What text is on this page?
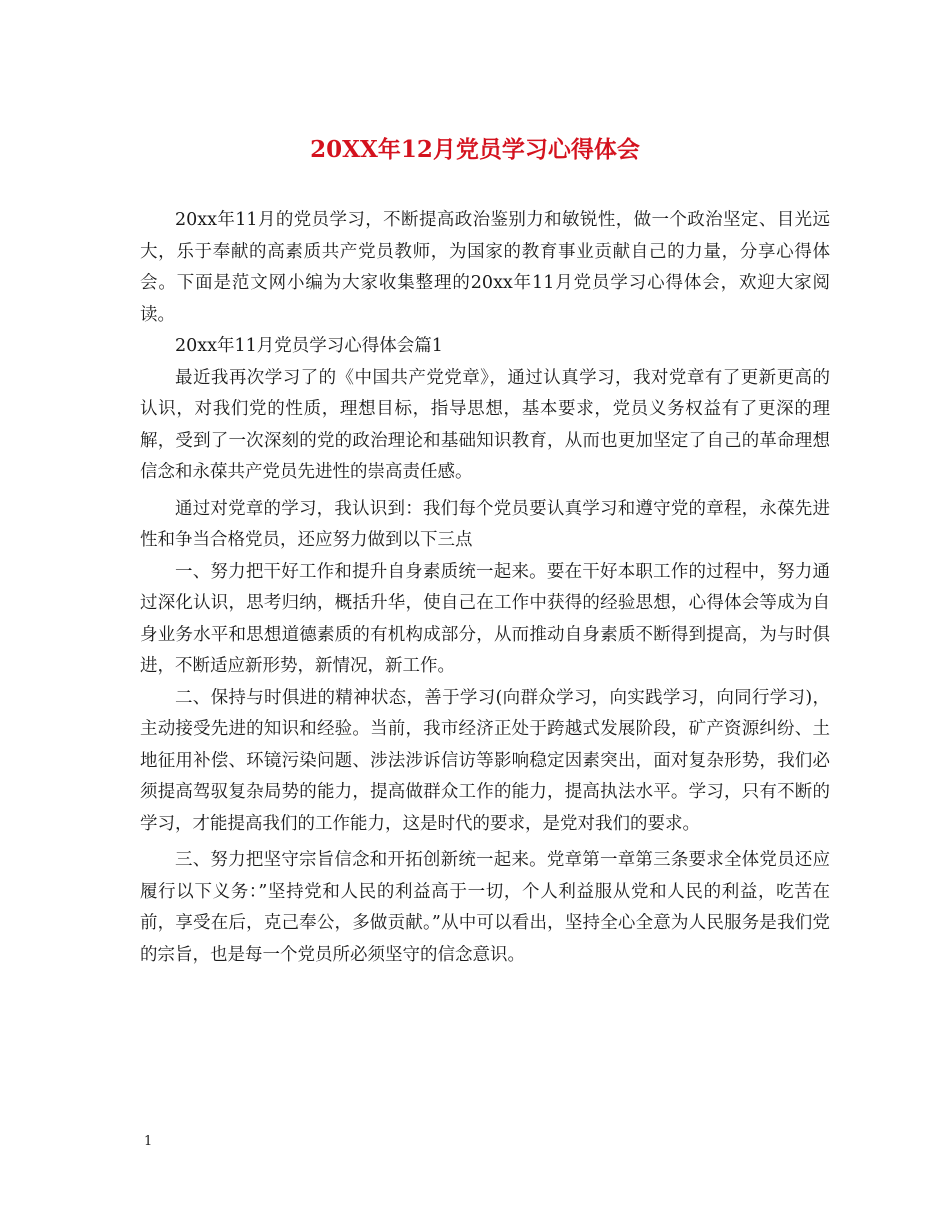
20XX年12月党员学习心得体会

20xx年11月的党员学习，不断提高政治鉴别力和敏锐性，做一个政治坚定、目光远大，乐于奉献的高素质共产党员教师，为国家的教育事业贡献自己的力量，分享心得体会。下面是范文网小编为大家收集整理的20xx年11月党员学习心得体会，欢迎大家阅读。

20xx年11月党员学习心得体会篇1

最近我再次学习了的《中国共产党党章》，通过认真学习，我对党章有了更新更高的认识，对我们党的性质，理想目标，指导思想，基本要求，党员义务权益有了更深的理解，受到了一次深刻的党的政治理论和基础知识教育，从而也更加坚定了自己的革命理想信念和永葆共产党员先进性的崇高责任感。

通过对党章的学习，我认识到：我们每个党员要认真学习和遵守党的章程，永葆先进性和争当合格党员，还应努力做到以下三点

一、努力把干好工作和提升自身素质统一起来。要在干好本职工作的过程中，努力通过深化认识，思考归纳，概括升华，使自己在工作中获得的经验思想，心得体会等成为自身业务水平和思想道德素质的有机构成部分，从而推动自身素质不断得到提高，为与时俱进，不断适应新形势，新情况，新工作。

二、保持与时俱进的精神状态，善于学习(向群众学习，向实践学习，向同行学习)，主动接受先进的知识和经验。当前，我市经济正处于跨越式发展阶段，矿产资源纠纷、土地征用补偿、环镜污染问题、涉法涉诉信访等影响稳定因素突出，面对复杂形势，我们必须提高驾驭复杂局势的能力，提高做群众工作的能力，提高执法水平。学习，只有不断的学习，才能提高我们的工作能力，这是时代的要求，是党对我们的要求。

三、努力把坚守宗旨信念和开拓创新统一起来。党章第一章第三条要求全体党员还应履行以下义务：”坚持党和人民的利益高于一切，个人利益服从党和人民的利益，吃苦在前，享受在后，克己奉公，多做贡献。”从中可以看出，坚持全心全意为人民服务是我们党的宗旨，也是每一个党员所必须坚守的信念意识。

1
